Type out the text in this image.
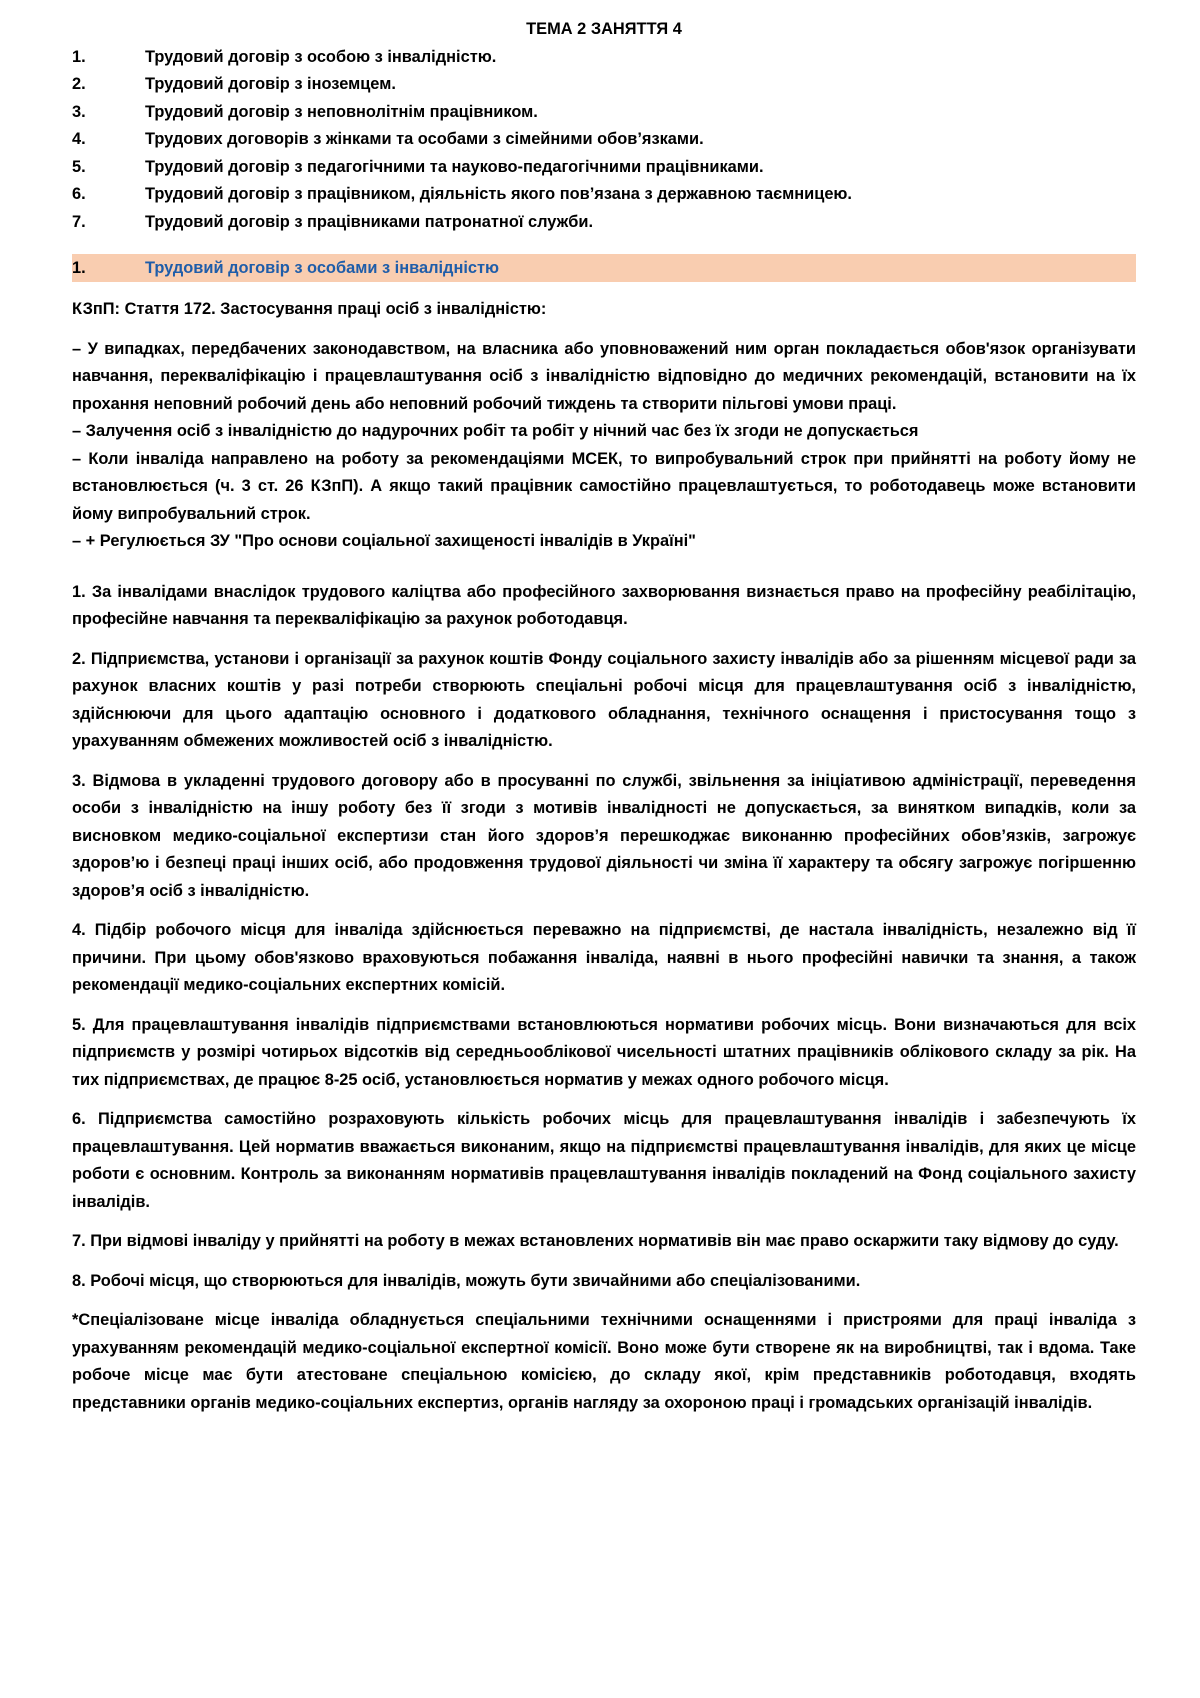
ТЕМА 2 ЗАНЯТТЯ 4
1.	Трудовий договір з особою з інвалідністю.
2.	Трудовий договір з іноземцем.
3.	Трудовий договір з неповнолітнім працівником.
4.	Трудових договорів з жінками та особами з сімейними обов’язками.
5.	Трудовий договір з педагогічними та науково-педагогічними працівниками.
6.	Трудовий договір з працівником, діяльність якого пов’язана з державною таємницею.
7.	Трудовий договір з працівниками патронатної служби.
1.	Трудовий договір з особами з інвалідністю
КЗпП: Стаття 172. Застосування праці осіб з інвалідністю:

– У випадках, передбачених законодавством, на власника або уповноважений ним орган покладається обов'язок організувати навчання, перекваліфікацію і працевлаштування осіб з інвалідністю відповідно до медичних рекомендацій, встановити на їх прохання неповний робочий день або неповний робочий тиждень та створити пільгові умови праці.

– Залучення осіб з інвалідністю до надурочних робіт та робіт у нічний час без їх згоди не допускається

– Коли інваліда направлено на роботу за рекомендаціями МСЕК, то випробувальний строк при прийнятті на роботу йому не встановлюється (ч. 3 ст. 26 КЗпП). А якщо такий працівник самостійно працевлаштується, то роботодавець може встановити йому випробувальний строк.

– + Регулюється ЗУ "Про основи соціальної захищеності інвалідів в Україні"

1. За інвалідами внаслідок трудового каліцтва або професійного захворювання визнається право на професійну реабілітацію, професійне навчання та перекваліфікацію за рахунок роботодавця.

2. Підприємства, установи і організації за рахунок коштів Фонду соціального захисту інвалідів або за рішенням місцевої ради за рахунок власних коштів у разі потреби створюють спеціальні робочі місця для працевлаштування осіб з інвалідністю, здійснюючи для цього адаптацію основного і додаткового обладнання, технічного оснащення і пристосування тощо з урахуванням обмежених можливостей осіб з інвалідністю.

3. Відмова в укладенні трудового договору або в просуванні по службі, звільнення за ініціативою адміністрації, переведення особи з інвалідністю на іншу роботу без її згоди з мотивів інвалідності не допускається, за винятком випадків, коли за висновком медико-соціальної експертизи стан його здоров’я перешкоджає виконанню професійних обов’язків, загрожує здоров’ю і безпеці праці інших осіб, або продовження трудової діяльності чи зміна її характеру та обсягу загрожує погіршенню здоров’я осіб з інвалідністю.

4. Підбір робочого місця для інваліда здійснюється переважно на підприємстві, де настала інвалідність, незалежно від її причини. При цьому обов'язково враховуються побажання інваліда, наявні в нього професійні навички та знання, а також рекомендації медико-соціальних експертних комісій.

5. Для працевлаштування інвалідів підприємствами встановлюються нормативи робочих місць. Вони визначаються для всіх підприємств у розмірі чотирьох відсотків від середньооблікової чисельності штатних працівників облікового складу за рік. На тих підприємствах, де працює 8-25 осіб, установлюється норматив у межах одного робочого місця.

6. Підприємства самостійно розраховують кількість робочих місць для працевлаштування інвалідів і забезпечують їх працевлаштування. Цей норматив вважається виконаним, якщо на підприємстві працевлаштування інвалідів, для яких це місце роботи є основним. Контроль за виконанням нормативів працевлаштування інвалідів покладений на Фонд соціального захисту інвалідів.

7. При відмові інваліду у прийнятті на роботу в межах встановлених нормативів він має право оскаржити таку відмову до суду.

8. Робочі місця, що створюються для інвалідів, можуть бути звичайними або спеціалізованими.

*Спеціалізоване місце інваліда обладнується спеціальними технічними оснащеннями і пристроями для праці інваліда з урахуванням рекомендацій медико-соціальної експертної комісії. Воно може бути створене як на виробництві, так і вдома. Таке робоче місце має бути атестоване спеціальною комісією, до складу якої, крім представників роботодавця, входять представники органів медико-соціальних експертиз, органів нагляду за охороною праці і громадських організацій інвалідів.
